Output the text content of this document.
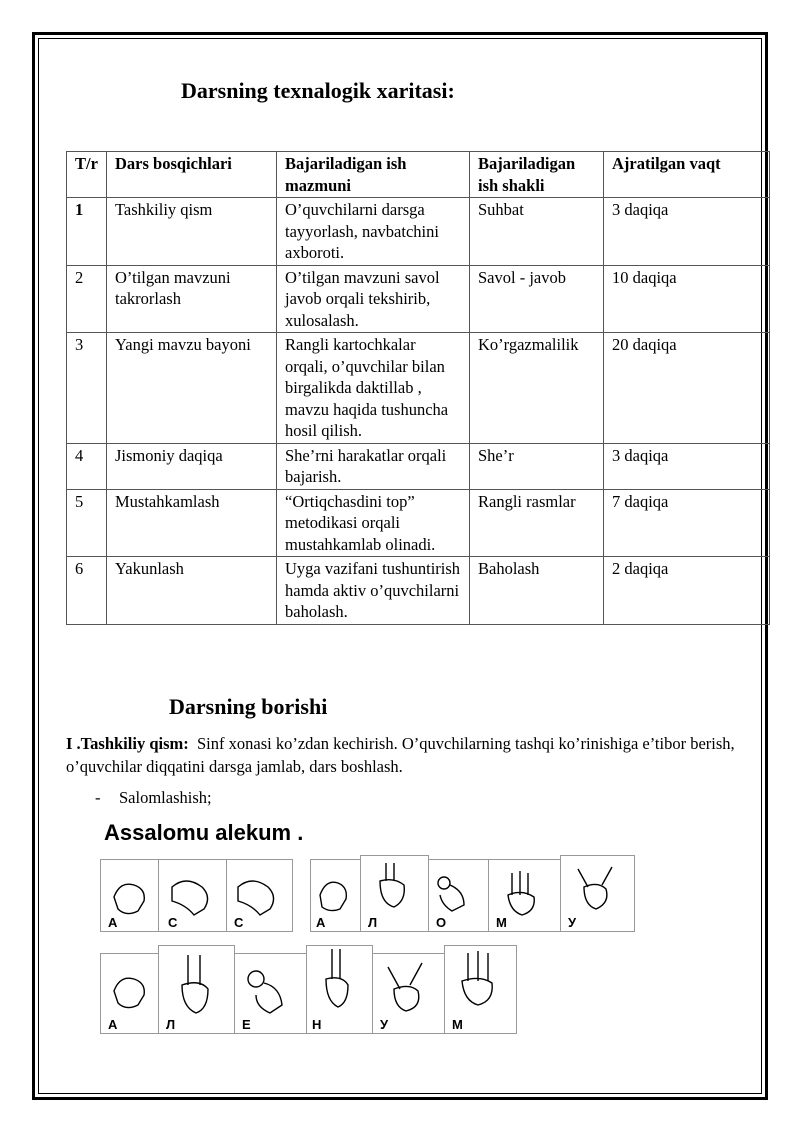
Darsning texnalogik xaritasi:
T/r	Dars bosqichlari	Bajariladigan ish mazmuni	Bajariladigan ish shakli	Ajratilgan vaqt
1	Tashkiliy qism	O’quvchilarni darsga tayyorlash, navbatchini axboroti.	Suhbat	3 daqiqa
2	O’tilgan mavzuni takrorlash	O’tilgan mavzuni savol javob orqali tekshirib, xulosalash.	Savol - javob	10 daqiqa
3	Yangi mavzu bayoni	Rangli kartochkalar orqali, o’quvchilar bilan birgalikda daktillab , mavzu haqida tushuncha hosil qilish.	Ko’rgazmalilik	20 daqiqa
4	Jismoniy daqiqa	She’rni harakatlar orqali bajarish.	She’r	3 daqiqa
5	Mustahkamlash	“Ortiqchasdini top” metodikasi orqali mustahkamlab olinadi.	Rangli rasmlar	7 daqiqa
6	Yakunlash	Uyga vazifani tushuntirish hamda aktiv o’quvchilarni baholash.	Baholash	2 daqiqa
Darsning borishi

I .Tashkiliy qism: Sinf xonasi ko’zdan kechirish. O’quvchilarning tashqi ko’rinishiga e’tibor berish, o’quvchilar diqqatini darsga jamlab, dars boshlash.

- Salomlashish;

Assalomu alekum .

А	С	С	А	Л	О	М	У
А	Л	Е	Н	У	М
